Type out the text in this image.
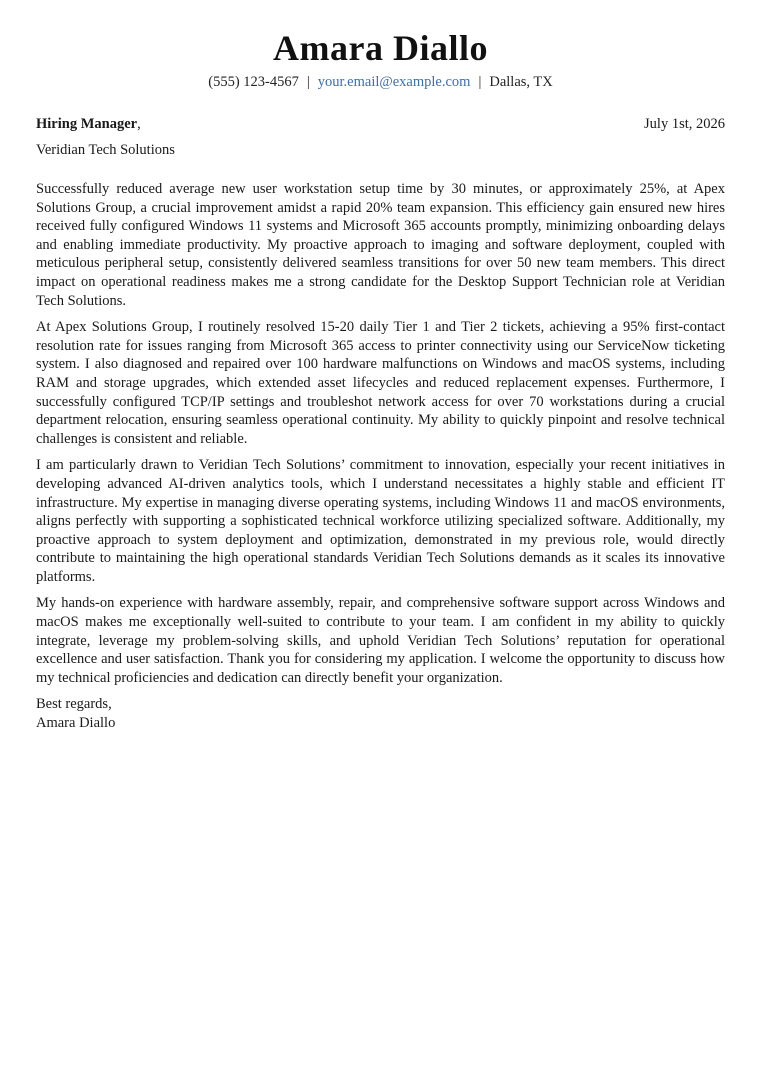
Amara Diallo
(555) 123-4567 | your.email@example.com | Dallas, TX
Hiring Manager,	July 1st, 2026
Veridian Tech Solutions

Successfully reduced average new user workstation setup time by 30 minutes, or approximately 25%, at Apex Solutions Group, a crucial improvement amidst a rapid 20% team expansion. This efficiency gain ensured new hires received fully configured Windows 11 systems and Microsoft 365 accounts promptly, minimizing onboarding delays and enabling immediate productivity. My proactive approach to imaging and software deployment, coupled with meticulous peripheral setup, consistently delivered seamless transitions for over 50 new team members. This direct impact on operational readiness makes me a strong candidate for the Desktop Support Technician role at Veridian Tech Solutions.

At Apex Solutions Group, I routinely resolved 15-20 daily Tier 1 and Tier 2 tickets, achieving a 95% first-contact resolution rate for issues ranging from Microsoft 365 access to printer connectivity using our ServiceNow ticketing system. I also diagnosed and repaired over 100 hardware malfunctions on Windows and macOS systems, including RAM and storage upgrades, which extended asset lifecycles and reduced replacement expenses. Furthermore, I successfully configured TCP/IP settings and troubleshot network access for over 70 workstations during a crucial department relocation, ensuring seamless operational continuity. My ability to quickly pinpoint and resolve technical challenges is consistent and reliable.

I am particularly drawn to Veridian Tech Solutions’ commitment to innovation, especially your recent initiatives in developing advanced AI-driven analytics tools, which I understand necessitates a highly stable and efficient IT infrastructure. My expertise in managing diverse operating systems, including Windows 11 and macOS environments, aligns perfectly with supporting a sophisticated technical workforce utilizing specialized software. Additionally, my proactive approach to system deployment and optimization, demonstrated in my previous role, would directly contribute to maintaining the high operational standards Veridian Tech Solutions demands as it scales its innovative platforms.

My hands-on experience with hardware assembly, repair, and comprehensive software support across Windows and macOS makes me exceptionally well-suited to contribute to your team. I am confident in my ability to quickly integrate, leverage my problem-solving skills, and uphold Veridian Tech Solutions’ reputation for operational excellence and user satisfaction. Thank you for considering my application. I welcome the opportunity to discuss how my technical proficiencies and dedication can directly benefit your organization.

Best regards,
Amara Diallo
